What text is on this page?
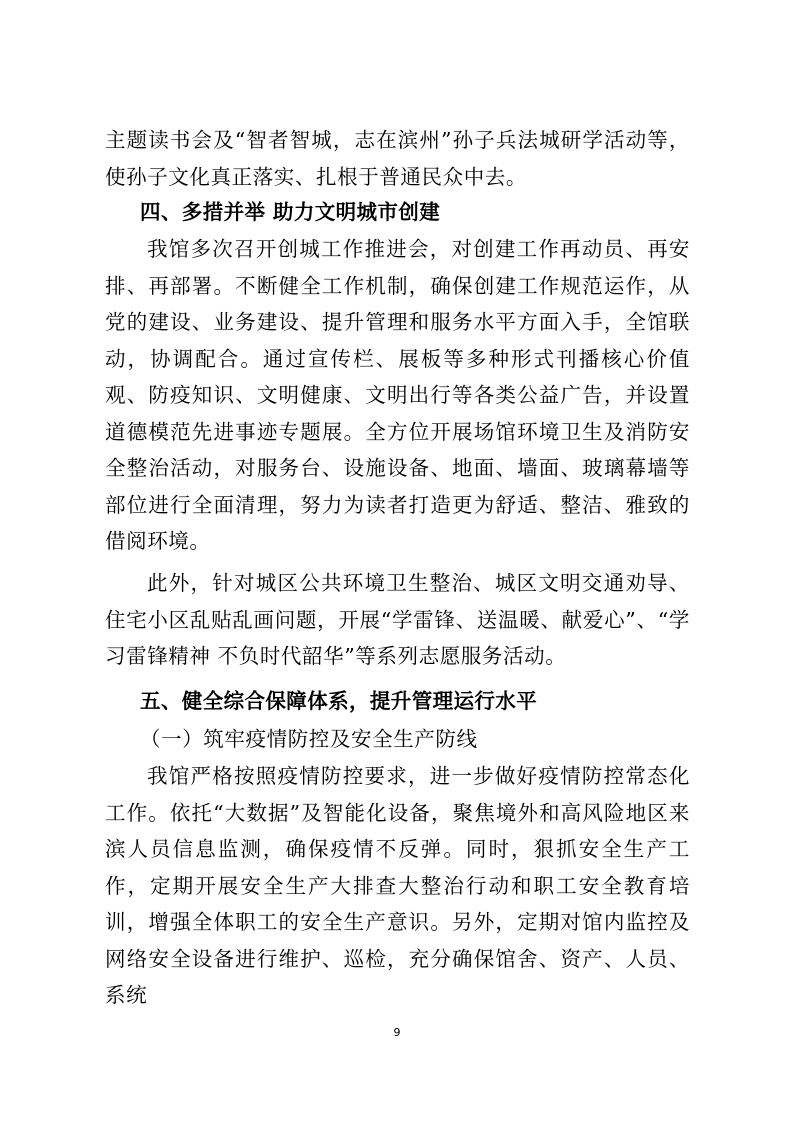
主题读书会及“智者智城，志在滨州”孙子兵法城研学活动等，使孙子文化真正落实、扎根于普通民众中去。
四、多措并举 助力文明城市创建
我馆多次召开创城工作推进会，对创建工作再动员、再安排、再部署。不断健全工作机制，确保创建工作规范运作，从党的建设、业务建设、提升管理和服务水平方面入手，全馆联动，协调配合。通过宣传栏、展板等多种形式刊播核心价值观、防疫知识、文明健康、文明出行等各类公益广告，并设置道德模范先进事迹专题展。全方位开展场馆环境卫生及消防安全整治活动，对服务台、设施设备、地面、墙面、玻璃幕墙等部位进行全面清理，努力为读者打造更为舒适、整洁、雅致的借阅环境。
此外，针对城区公共环境卫生整治、城区文明交通劝导、住宅小区乱贴乱画问题，开展“学雷锋、送温暖、献爱心”、“学习雷锋精神 不负时代韶华”等系列志愿服务活动。
五、健全综合保障体系，提升管理运行水平
（一）筑牢疫情防控及安全生产防线
我馆严格按照疫情防控要求，进一步做好疫情防控常态化工作。依托“大数据”及智能化设备，聚焦境外和高风险地区来滨人员信息监测，确保疫情不反弹。同时，狠抓安全生产工作，定期开展安全生产大排查大整治行动和职工安全教育培训，增强全体职工的安全生产意识。另外，定期对馆内监控及网络安全设备进行维护、巡检，充分确保馆舍、资产、人员、系统
9
